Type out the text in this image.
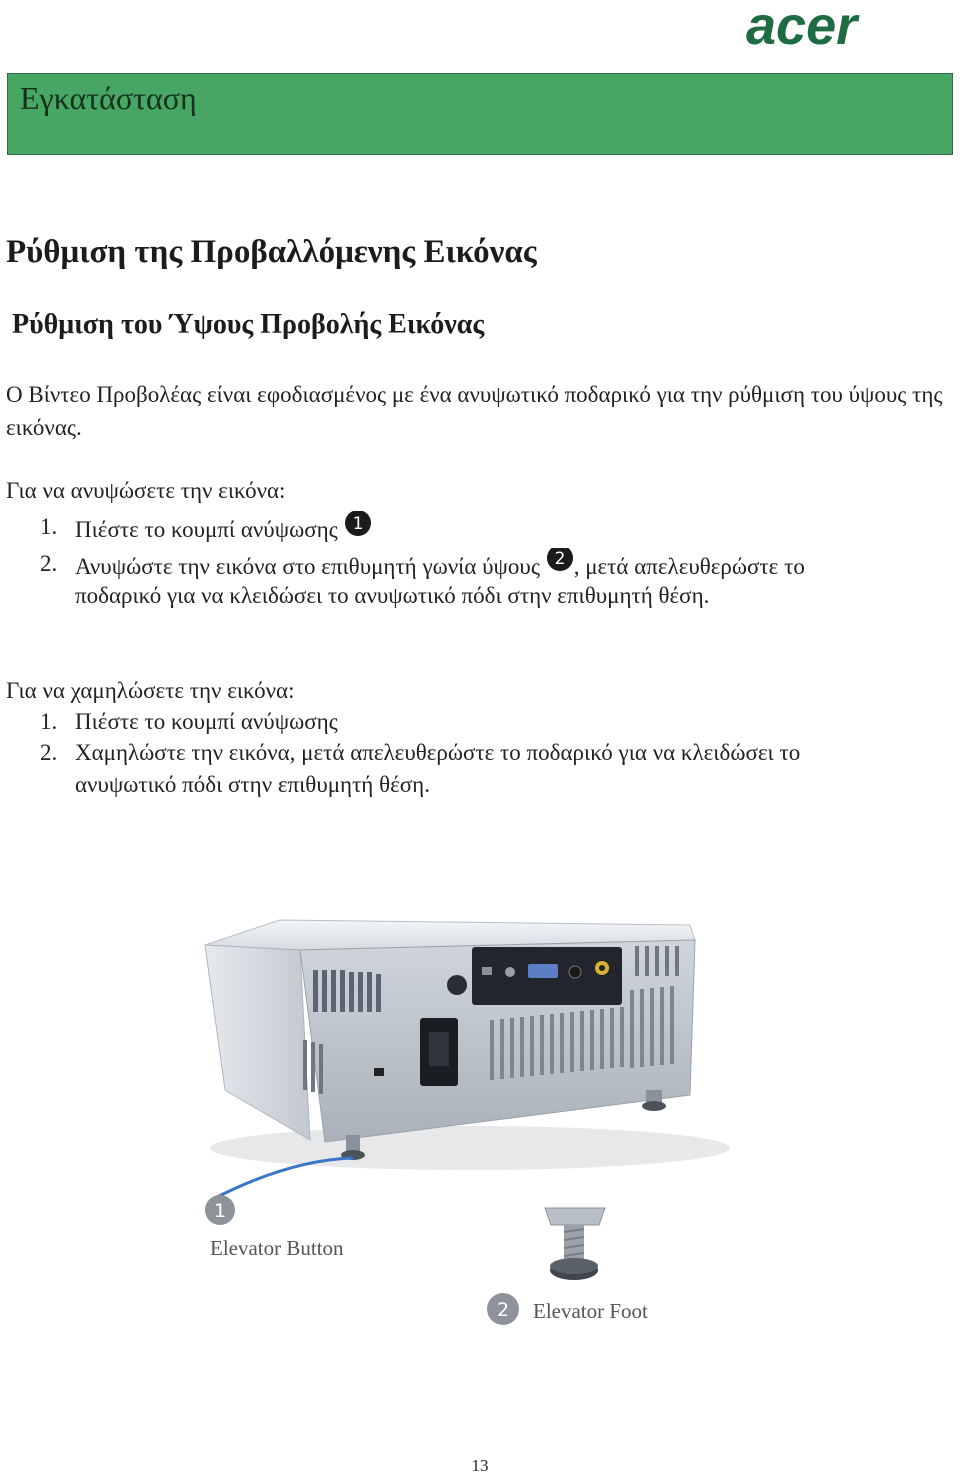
acer
Εγκατάσταση
Ρύθμιση της Προβαλλόμενης Εικόνας
Ρύθμιση του Ύψους Προβολής Εικόνας
Ο Βίντεο Προβολέας είναι εφοδιασμένος με ένα ανυψωτικό ποδαρικό για την ρύθμιση του ύψους της εικόνας.
Για να ανυψώσετε την εικόνα:
1. Πιέστε το κουμπί ανύψωσης 1
2. Ανυψώστε την εικόνα στο επιθυμητή γωνία ύψους 2 , μετά απελευθερώστε το
ποδαρικό για να κλειδώσει το ανυψωτικό πόδι στην επιθυμητή θέση.
Για να χαμηλώσετε την εικόνα:
1. Πιέστε το κουμπί ανύψωσης
2. Χαμηλώστε την εικόνα, μετά απελευθερώστε το ποδαρικό για να κλειδώσει το
ανυψωτικό πόδι στην επιθυμητή θέση.
1
2
Elevator Button
Elevator Foot
13
